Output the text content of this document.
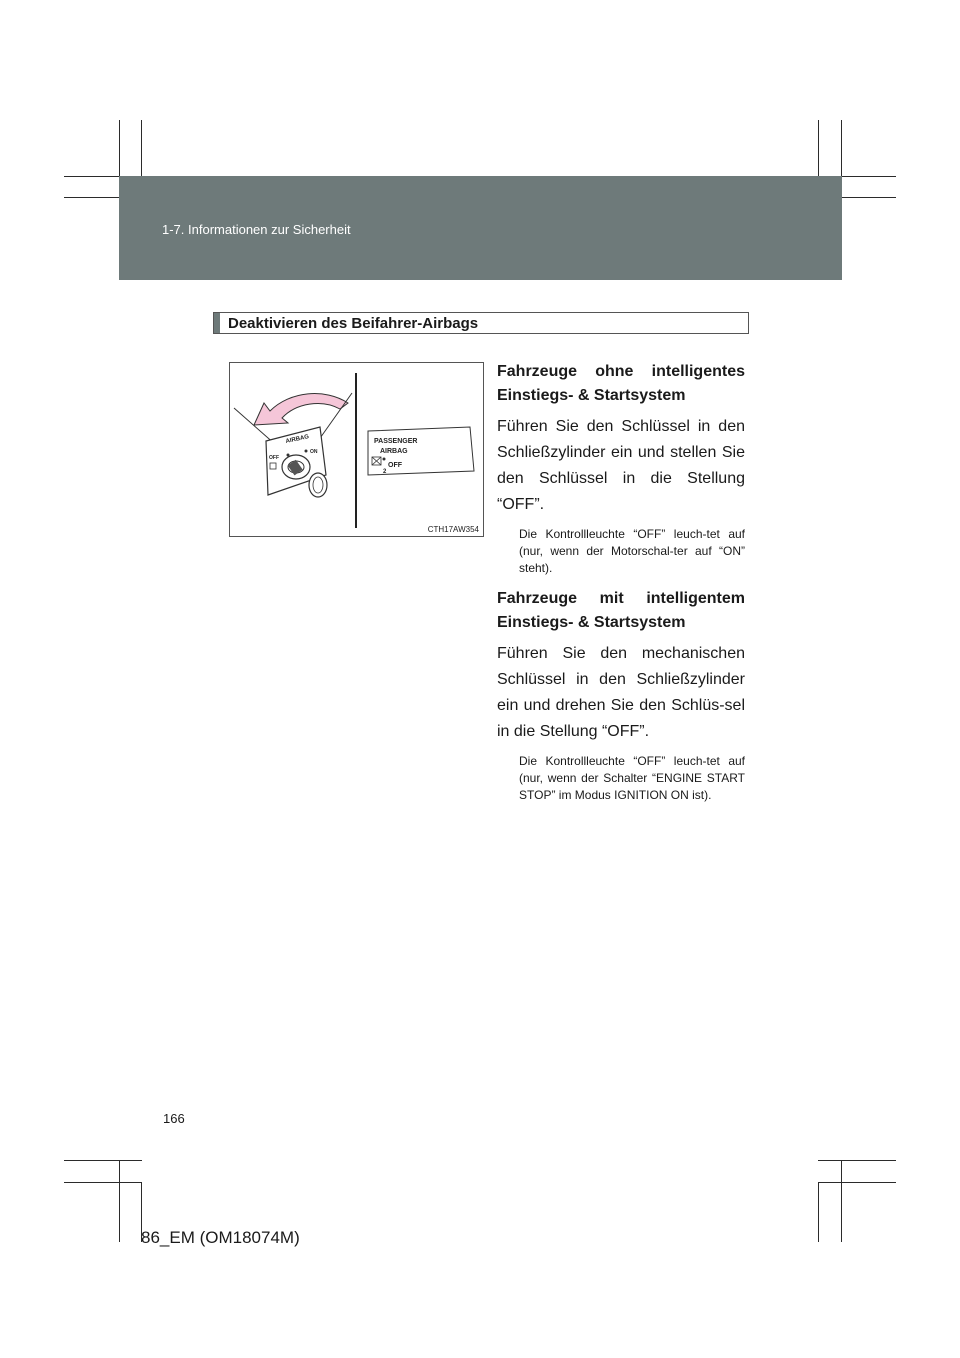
1-7. Informationen zur Sicherheit
Deaktivieren des Beifahrer-Airbags
AIRBAG
OFF
ON
PASSENGER
AIRBAG
OFF
2
CTH17AW354

Fahrzeuge ohne intelligentes Einstiegs- & Startsystem

Führen Sie den Schlüssel in den Schließzylinder ein und stellen Sie den Schlüssel in die Stellung “OFF”.

Die Kontrollleuchte “OFF” leuch-tet auf (nur, wenn der Motorschal-ter auf “ON” steht).

Fahrzeuge mit intelligentem Einstiegs- & Startsystem

Führen Sie den mechanischen Schlüssel in den Schließzylinder ein und drehen Sie den Schlüs-sel in die Stellung “OFF”.

Die Kontrollleuchte “OFF” leuch-tet auf (nur, wenn der Schalter “ENGINE START STOP” im Modus IGNITION ON ist).

166
86_EM (OM18074M)
